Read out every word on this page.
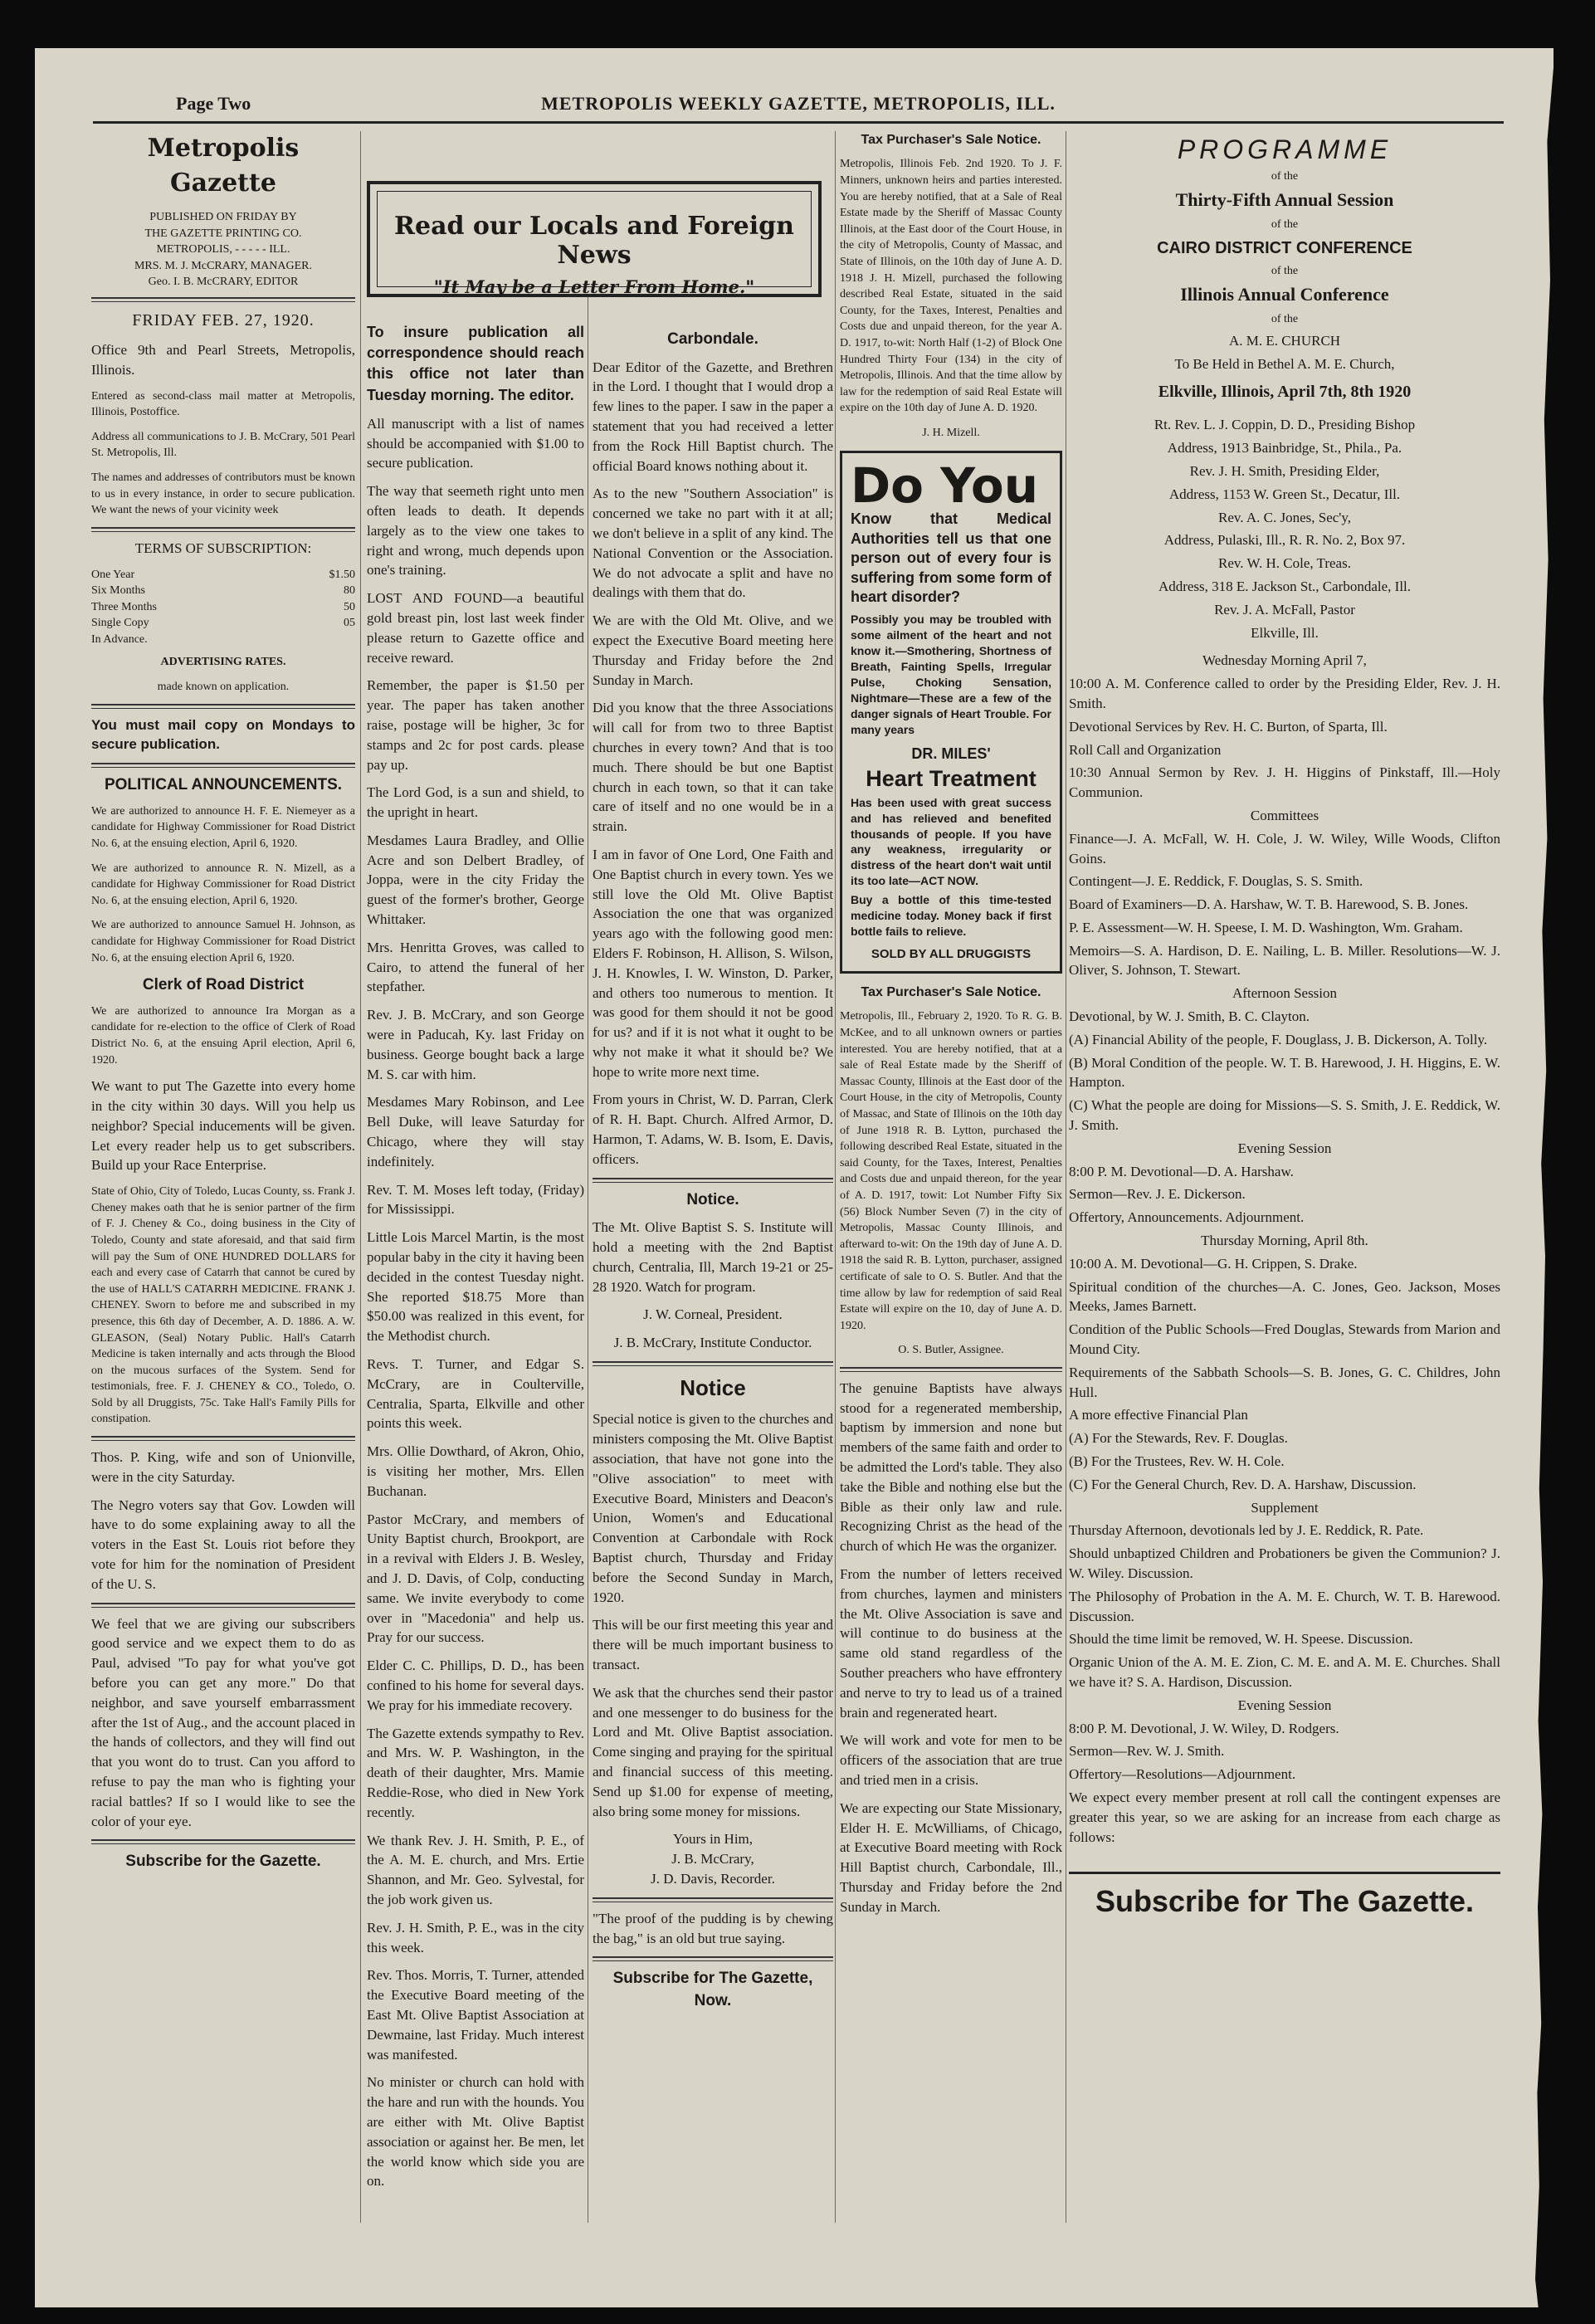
Page Two	METROPOLIS WEEKLY GAZETTE, METROPOLIS, ILL.

Metropolis Gazette

PUBLISHED ON FRIDAY BY
THE GAZETTE PRINTING CO.
METROPOLIS, - - - - - ILL.
MRS. M. J. McCRARY, MANAGER.
Geo. I. B. McCRARY, EDITOR

FRIDAY FEB. 27, 1920.

Office 9th and Pearl Streets, Metropolis, Illinois.

Entered as second-class mail matter at Metropolis, Illinois, Postoffice.

Address all communications to J. B. McCrary, 501 Pearl St. Metropolis, Ill.

The names and addresses of contributors must be known to us in every instance, in order to secure publication. We want the news of your vicinity week

TERMS OF SUBSCRIPTION:

One Year	$1.50
Six Months	80
Three Months	50
Single Copy	05
In Advance.

ADVERTISING RATES.

made known on application.

You must mail copy on Mondays to secure publication.

POLITICAL ANNOUNCEMENTS.

We are authorized to announce H. F. E. Niemeyer as a candidate for Highway Commissioner for Road District No. 6, at the ensuing election, April 6, 1920.

We are authorized to announce R. N. Mizell, as a candidate for Highway Commissioner for Road District No. 6, at the ensuing election, April 6, 1920.

We are authorized to announce Samuel H. Johnson, as candidate for Highway Commissioner for Road District No. 6, at the ensuing election April 6, 1920.

Clerk of Road District

We are authorized to announce Ira Morgan as a candidate for re-election to the office of Clerk of Road District No. 6, at the ensuing April election, April 6, 1920.

We want to put The Gazette into every home in the city within 30 days. Will you help us neighbor? Special inducements will be given. Let every reader help us to get subscribers. Build up your Race Enterprise.

State of Ohio, City of Toledo, Lucas County, ss. Frank J. Cheney makes oath that he is senior partner of the firm of F. J. Cheney & Co., doing business in the City of Toledo, County and state aforesaid, and that said firm will pay the Sum of ONE HUNDRED DOLLARS for each and every case of Catarrh that cannot be cured by the use of HALL'S CATARRH MEDICINE. FRANK J. CHENEY. Sworn to before me and subscribed in my presence, this 6th day of December, A. D. 1886. A. W. GLEASON, (Seal) Notary Public. Hall's Catarrh Medicine is taken internally and acts through the Blood on the mucous surfaces of the System. Send for testimonials, free. F. J. CHENEY & CO., Toledo, O. Sold by all Druggists, 75c. Take Hall's Family Pills for constipation.

Thos. P. King, wife and son of Unionville, were in the city Saturday.

The Negro voters say that Gov. Lowden will have to do some explaining away to all the voters in the East St. Louis riot before they vote for him for the nomination of President of the U. S.

We feel that we are giving our subscribers good service and we expect them to do as Paul, advised "To pay for what you've got before you can get any more." Do that neighbor, and save yourself embarrassment after the 1st of Aug., and the account placed in the hands of collectors, and they will find out that you wont do to trust. Can you afford to refuse to pay the man who is fighting your racial battles? If so I would like to see the color of your eye.

Subscribe for the Gazette.

Read our Locals and Foreign News
"It May be a Letter From Home."

To insure publication all correspondence should reach this office not later than Tuesday morning. The editor.

All manuscript with a list of names should be accompanied with $1.00 to secure publication.

The way that seemeth right unto men often leads to death. It depends largely as to the view one takes to right and wrong, much depends upon one's training.

LOST AND FOUND—a beautiful gold breast pin, lost last week finder please return to Gazette office and receive reward.

Remember, the paper is $1.50 per year. The paper has taken another raise, postage will be higher, 3c for stamps and 2c for post cards. please pay up.

The Lord God, is a sun and shield, to the upright in heart.

Mesdames Laura Bradley, and Ollie Acre and son Delbert Bradley, of Joppa, were in the city Friday the guest of the former's brother, George Whittaker.

Mrs. Henritta Groves, was called to Cairo, to attend the funeral of her stepfather.

Rev. J. B. McCrary, and son George were in Paducah, Ky. last Friday on business. George bought back a large M. S. car with him.

Mesdames Mary Robinson, and Lee Bell Duke, will leave Saturday for Chicago, where they will stay indefinitely.

Rev. T. M. Moses left today, (Friday) for Mississippi.

Little Lois Marcel Martin, is the most popular baby in the city it having been decided in the contest Tuesday night. She reported $18.75 More than $50.00 was realized in this event, for the Methodist church.

Revs. T. Turner, and Edgar S. McCrary, are in Coulterville, Centralia, Sparta, Elkville and other points this week.

Mrs. Ollie Dowthard, of Akron, Ohio, is visiting her mother, Mrs. Ellen Buchanan.

Pastor McCrary, and members of Unity Baptist church, Brookport, are in a revival with Elders J. B. Wesley, and J. D. Davis, of Colp, conducting same. We invite everybody to come over in "Macedonia" and help us. Pray for our success.

Elder C. C. Phillips, D. D., has been confined to his home for several days. We pray for his immediate recovery.

The Gazette extends sympathy to Rev. and Mrs. W. P. Washington, in the death of their daughter, Mrs. Mamie Reddie-Rose, who died in New York recently.

We thank Rev. J. H. Smith, P. E., of the A. M. E. church, and Mrs. Ertie Shannon, and Mr. Geo. Sylvestal, for the job work given us.

Rev. J. H. Smith, P. E., was in the city this week.

Rev. Thos. Morris, T. Turner, attended the Executive Board meeting of the East Mt. Olive Baptist Association at Dewmaine, last Friday. Much interest was manifested.

No minister or church can hold with the hare and run with the hounds. You are either with Mt. Olive Baptist association or against her. Be men, let the world know which side you are on.

Carbondale.

Dear Editor of the Gazette, and Brethren in the Lord. I thought that I would drop a few lines to the paper. I saw in the paper a statement that you had received a letter from the Rock Hill Baptist church. The official Board knows nothing about it.

As to the new "Southern Association" is concerned we take no part with it at all; we don't believe in a split of any kind. The National Convention or the Association. We do not advocate a split and have no dealings with them that do.

We are with the Old Mt. Olive, and we expect the Executive Board meeting here Thursday and Friday before the 2nd Sunday in March.

Did you know that the three Associations will call for from two to three Baptist churches in every town? And that is too much. There should be but one Baptist church in each town, so that it can take care of itself and no one would be in a strain.

I am in favor of One Lord, One Faith and One Baptist church in every town. Yes we still love the Old Mt. Olive Baptist Association the one that was organized years ago with the following good men: Elders F. Robinson, H. Allison, S. Wilson, J. H. Knowles, I. W. Winston, D. Parker, and others too numerous to mention. It was good for them should it not be good for us? and if it is not what it ought to be why not make it what it should be? We hope to write more next time.

From yours in Christ, W. D. Parran, Clerk of R. H. Bapt. Church. Alfred Armor, D. Harmon, T. Adams, W. B. Isom, E. Davis, officers.

Notice.

The Mt. Olive Baptist S. S. Institute will hold a meeting with the 2nd Baptist church, Centralia, Ill, March 19-21 or 25-28 1920. Watch for program.

J. W. Corneal, President.

J. B. McCrary, Institute Conductor.

Notice

Special notice is given to the churches and ministers composing the Mt. Olive Baptist association, that have not gone into the "Olive association" to meet with Executive Board, Ministers and Deacon's Union, Women's and Educational Convention at Carbondale with Rock Baptist church, Thursday and Friday before the Second Sunday in March, 1920.

This will be our first meeting this year and there will be much important business to transact.

We ask that the churches send their pastor and one messenger to do business for the Lord and Mt. Olive Baptist association. Come singing and praying for the spiritual and financial success of this meeting. Send up $1.00 for expense of meeting, also bring some money for missions.

Yours in Him,

J. B. McCrary,

J. D. Davis, Recorder.

"The proof of the pudding is by chewing the bag," is an old but true saying.

Subscribe for The Gazette, Now.

Tax Purchaser's Sale Notice.

Metropolis, Illinois Feb. 2nd 1920. To J. F. Minners, unknown heirs and parties interested. You are hereby notified, that at a Sale of Real Estate made by the Sheriff of Massac County Illinois, at the East door of the Court House, in the city of Metropolis, County of Massac, and State of Illinois, on the 10th day of June A. D. 1918 J. H. Mizell, purchased the following described Real Estate, situated in the said County, for the Taxes, Interest, Penalties and Costs due and unpaid thereon, for the year A. D. 1917, to-wit: North Half (1-2) of Block One Hundred Thirty Four (134) in the city of Metropolis, Illinois. And that the time allow by law for the redemption of said Real Estate will expire on the 10th day of June A. D. 1920.

J. H. Mizell.

Do You
Know that Medical Authorities tell us that one person out of every four is suffering from some form of heart disorder?
Possibly you may be troubled with some ailment of the heart and not know it.—Smothering, Shortness of Breath, Fainting Spells, Irregular Pulse, Choking Sensation, Nightmare—These are a few of the danger signals of Heart Trouble. For many years
DR. MILES'
Heart Treatment
Has been used with great success and has relieved and benefited thousands of people. If you have any weakness, irregularity or distress of the heart don't wait until its too late—ACT NOW.
Buy a bottle of this time-tested medicine today. Money back if first bottle fails to relieve.
SOLD BY ALL DRUGGISTS
Tax Purchaser's Sale Notice.

Metropolis, Ill., February 2, 1920. To R. G. B. McKee, and to all unknown owners or parties interested. You are hereby notified, that at a sale of Real Estate made by the Sheriff of Massac County, Illinois at the East door of the Court House, in the city of Metropolis, County of Massac, and State of Illinois on the 10th day of June 1918 R. B. Lytton, purchased the following described Real Estate, situated in the said County, for the Taxes, Interest, Penalties and Costs due and unpaid thereon, for the year of A. D. 1917, towit: Lot Number Fifty Six (56) Block Number Seven (7) in the city of Metropolis, Massac County Illinois, and afterward to-wit: On the 19th day of June A. D. 1918 the said R. B. Lytton, purchaser, assigned certificate of sale to O. S. Butler. And that the time allow by law for redemption of said Real Estate will expire on the 10, day of June A. D. 1920.

O. S. Butler, Assignee.

The genuine Baptists have always stood for a regenerated membership, baptism by immersion and none but members of the same faith and order to be admitted the Lord's table. They also take the Bible and nothing else but the Bible as their only law and rule. Recognizing Christ as the head of the church of which He was the organizer.

From the number of letters received from churches, laymen and ministers the Mt. Olive Association is save and will continue to do business at the same old stand regardless of the Souther preachers who have effrontery and nerve to try to lead us of a trained brain and regenerated heart.

We will work and vote for men to be officers of the association that are true and tried men in a crisis.

We are expecting our State Missionary, Elder H. E. McWilliams, of Chicago, at Executive Board meeting with Rock Hill Baptist church, Carbondale, Ill., Thursday and Friday before the 2nd Sunday in March.

PROGRAMME

of the

Thirty-Fifth Annual Session

of the

CAIRO DISTRICT CONFERENCE

of the

Illinois Annual Conference

of the

A. M. E. CHURCH

To Be Held in Bethel A. M. E. Church,

Elkville, Illinois, April 7th, 8th 1920

Rt. Rev. L. J. Coppin, D. D., Presiding Bishop

Address, 1913 Bainbridge, St., Phila., Pa.

Rev. J. H. Smith, Presiding Elder,

Address, 1153 W. Green St., Decatur, Ill.

Rev. A. C. Jones, Sec'y,

Address, Pulaski, Ill., R. R. No. 2, Box 97.

Rev. W. H. Cole, Treas.

Address, 318 E. Jackson St., Carbondale, Ill.

Rev. J. A. McFall, Pastor

Elkville, Ill.

Wednesday Morning April 7,

10:00 A. M. Conference called to order by the Presiding Elder, Rev. J. H. Smith.

Devotional Services by Rev. H. C. Burton, of Sparta, Ill.

Roll Call and Organization

10:30 Annual Sermon by Rev. J. H. Higgins of Pinkstaff, Ill.—Holy Communion.

Committees

Finance—J. A. McFall, W. H. Cole, J. W. Wiley, Wille Woods, Clifton Goins.

Contingent—J. E. Reddick, F. Douglas, S. S. Smith.

Board of Examiners—D. A. Harshaw, W. T. B. Harewood, S. B. Jones.

P. E. Assessment—W. H. Speese, I. M. D. Washington, Wm. Graham.

Memoirs—S. A. Hardison, D. E. Nailing, L. B. Miller. Resolutions—W. J. Oliver, S. Johnson, T. Stewart.

Afternoon Session

Devotional, by W. J. Smith, B. C. Clayton.

(A) Financial Ability of the people, F. Douglass, J. B. Dickerson, A. Tolly.

(B) Moral Condition of the people. W. T. B. Harewood, J. H. Higgins, E. W. Hampton.

(C) What the people are doing for Missions—S. S. Smith, J. E. Reddick, W. J. Smith.

Evening Session

8:00 P. M. Devotional—D. A. Harshaw.

Sermon—Rev. J. E. Dickerson.

Offertory, Announcements. Adjournment.

Thursday Morning, April 8th.

10:00 A. M. Devotional—G. H. Crippen, S. Drake.

Spiritual condition of the churches—A. C. Jones, Geo. Jackson, Moses Meeks, James Barnett.

Condition of the Public Schools—Fred Douglas, Stewards from Marion and Mound City.

Requirements of the Sabbath Schools—S. B. Jones, G. C. Childres, John Hull.

A more effective Financial Plan

(A) For the Stewards, Rev. F. Douglas.

(B) For the Trustees, Rev. W. H. Cole.

(C) For the General Church, Rev. D. A. Harshaw, Discussion.

Supplement

Thursday Afternoon, devotionals led by J. E. Reddick, R. Pate.

Should unbaptized Children and Probationers be given the Communion? J. W. Wiley. Discussion.

The Philosophy of Probation in the A. M. E. Church, W. T. B. Harewood. Discussion.

Should the time limit be removed, W. H. Speese. Discussion.

Organic Union of the A. M. E. Zion, C. M. E. and A. M. E. Churches. Shall we have it? S. A. Hardison, Discussion.

Evening Session

8:00 P. M. Devotional, J. W. Wiley, D. Rodgers.

Sermon—Rev. W. J. Smith.

Offertory—Resolutions—Adjournment.

We expect every member present at roll call the contingent expenses are greater this year, so we are asking for an increase from each charge as follows:

Subscribe for The Gazette.
